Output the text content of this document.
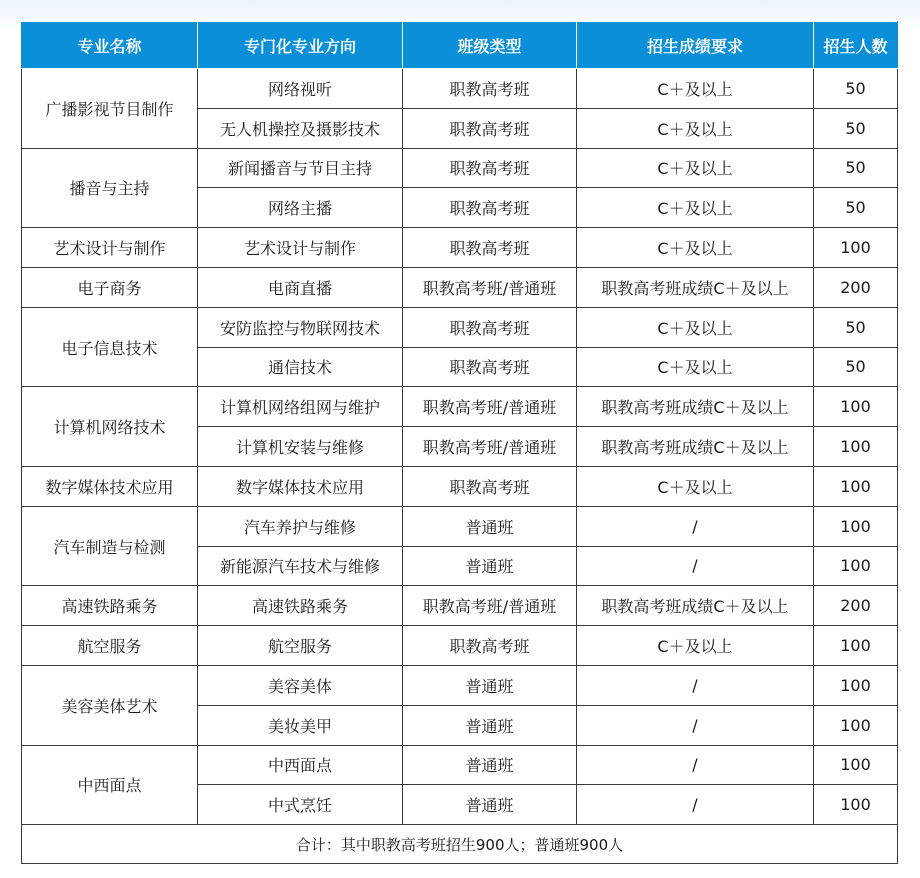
专业名称	专门化专业方向	班级类型	招生成绩要求	招生人数
广播影视节目制作	网络视听	职教高考班	C＋及以上	50
	无人机操控及摄影技术	职教高考班	C＋及以上	50
播音与主持	新闻播音与节目主持	职教高考班	C＋及以上	50
	网络主播	职教高考班	C＋及以上	50
艺术设计与制作	艺术设计与制作	职教高考班	C＋及以上	100
电子商务	电商直播	职教高考班/普通班	职教高考班成绩C＋及以上	200
电子信息技术	安防监控与物联网技术	职教高考班	C＋及以上	50
	通信技术	职教高考班	C＋及以上	50
计算机网络技术	计算机网络组网与维护	职教高考班/普通班	职教高考班成绩C＋及以上	100
	计算机安装与维修	职教高考班/普通班	职教高考班成绩C＋及以上	100
数字媒体技术应用	数字媒体技术应用	职教高考班	C＋及以上	100
汽车制造与检测	汽车养护与维修	普通班	/	100
	新能源汽车技术与维修	普通班	/	100
高速铁路乘务	高速铁路乘务	职教高考班/普通班	职教高考班成绩C＋及以上	200
航空服务	航空服务	职教高考班	C＋及以上	100
美容美体艺术	美容美体	普通班	/	100
	美妆美甲	普通班	/	100
中西面点	中西面点	普通班	/	100
	中式烹饪	普通班	/	100
合计：其中职教高考班招生900人；普通班900人				
